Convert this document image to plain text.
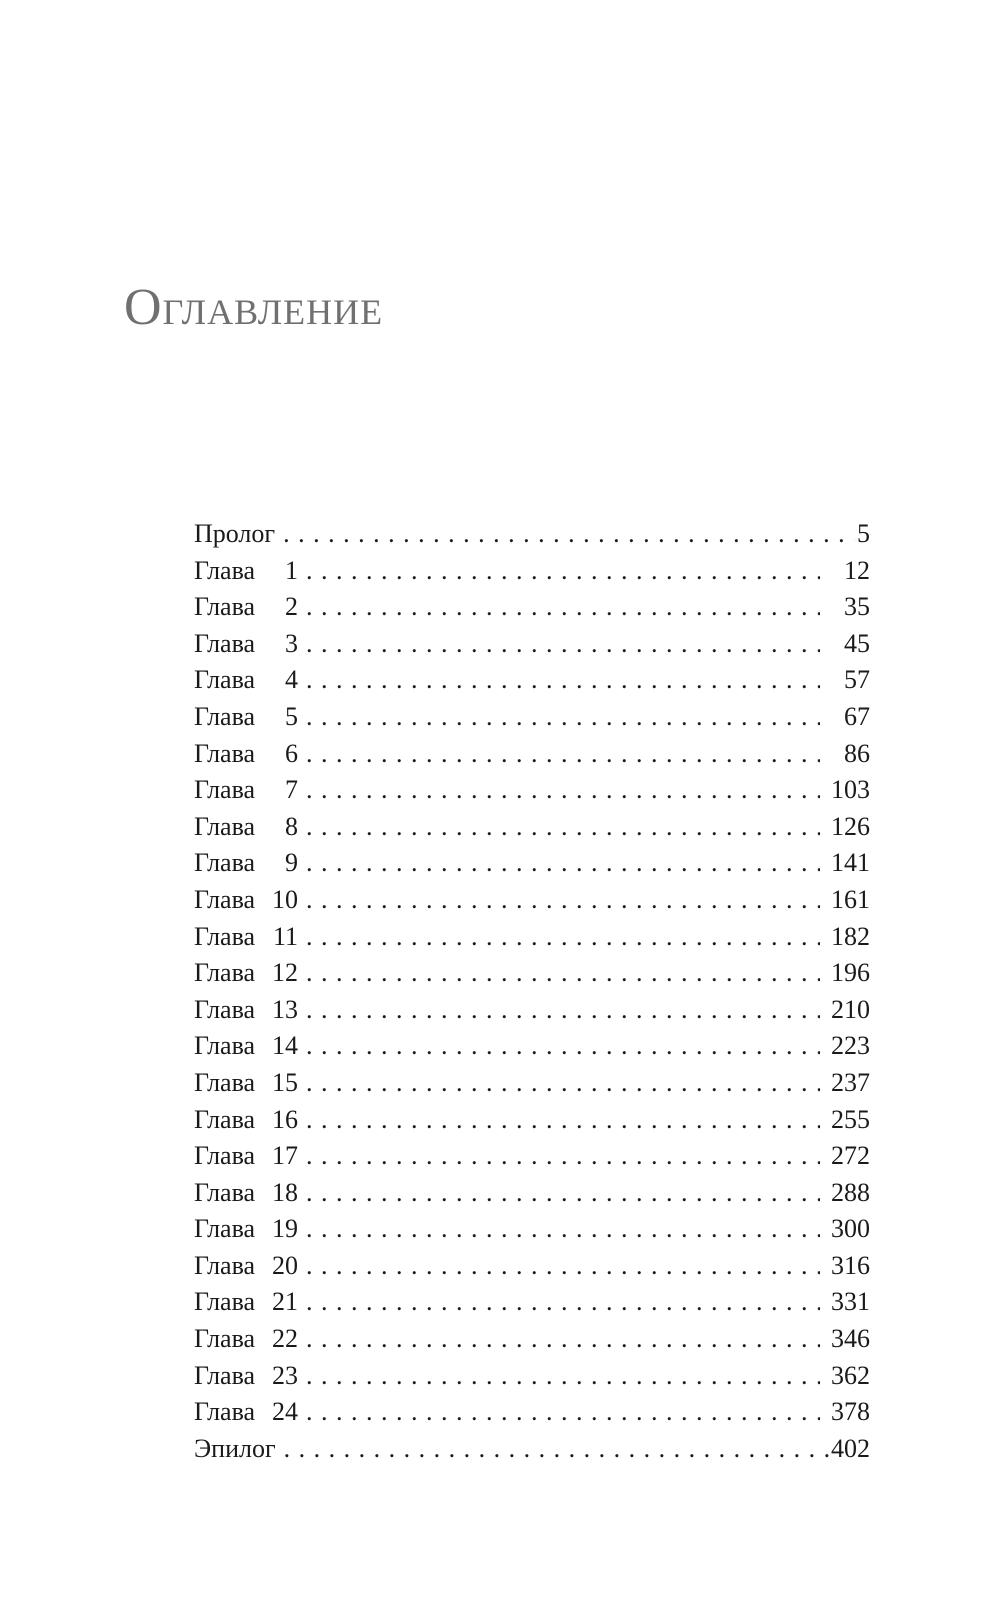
Оглавление
Пролог . . .	5
Глава 1 . . .	12
Глава 2 . . .	35
Глава 3 . . .	45
Глава 4 . . .	57
Глава 5 . . .	67
Глава 6 . . .	86
Глава 7 . . .	103
Глава 8 . . .	126
Глава 9 . . .	141
Глава 10 . . .	161
Глава 11 . . .	182
Глава 12 . . .	196
Глава 13 . . .	210
Глава 14 . . .	223
Глава 15 . . .	237
Глава 16 . . .	255
Глава 17 . . .	272
Глава 18 . . .	288
Глава 19 . . .	300
Глава 20 . . .	316
Глава 21 . . .	331
Глава 22 . . .	346
Глава 23 . . .	362
Глава 24 . . .	378
Эпилог . . .	402
